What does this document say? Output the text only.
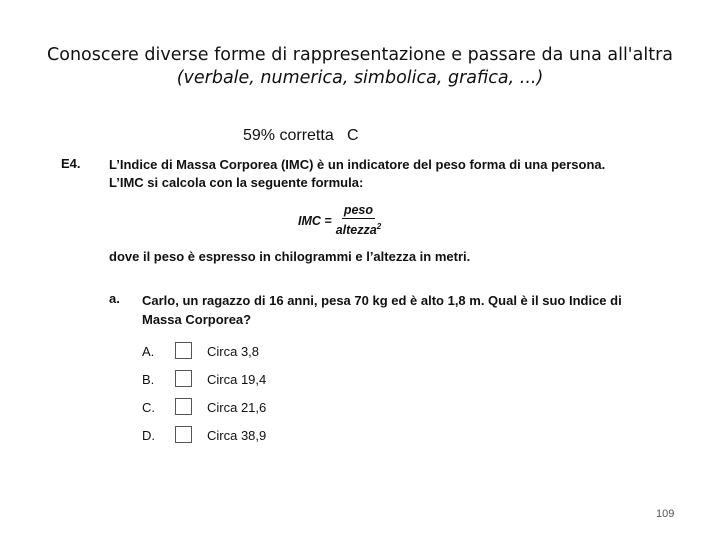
Conoscere diverse forme di rappresentazione e passare da una all'altra
(verbale, numerica, simbolica, grafica, ...)
59% corretta   C
E4. L’Indice di Massa Corporea (IMC) è un indicatore del peso forma di una persona. L’IMC si calcola con la seguente formula:
IMC = $\frac{\text{peso}}{altezza^2}$
dove il peso è espresso in chilogrammi e l’altezza in metri.
a. Carlo, un ragazzo di 16 anni, pesa 70 kg ed è alto 1,8 m. Qual è il suo Indice di Massa Corporea?
A.	Circa 3,8
B.	Circa 19,4
C.	Circa 21,6
D.	Circa 38,9
109
